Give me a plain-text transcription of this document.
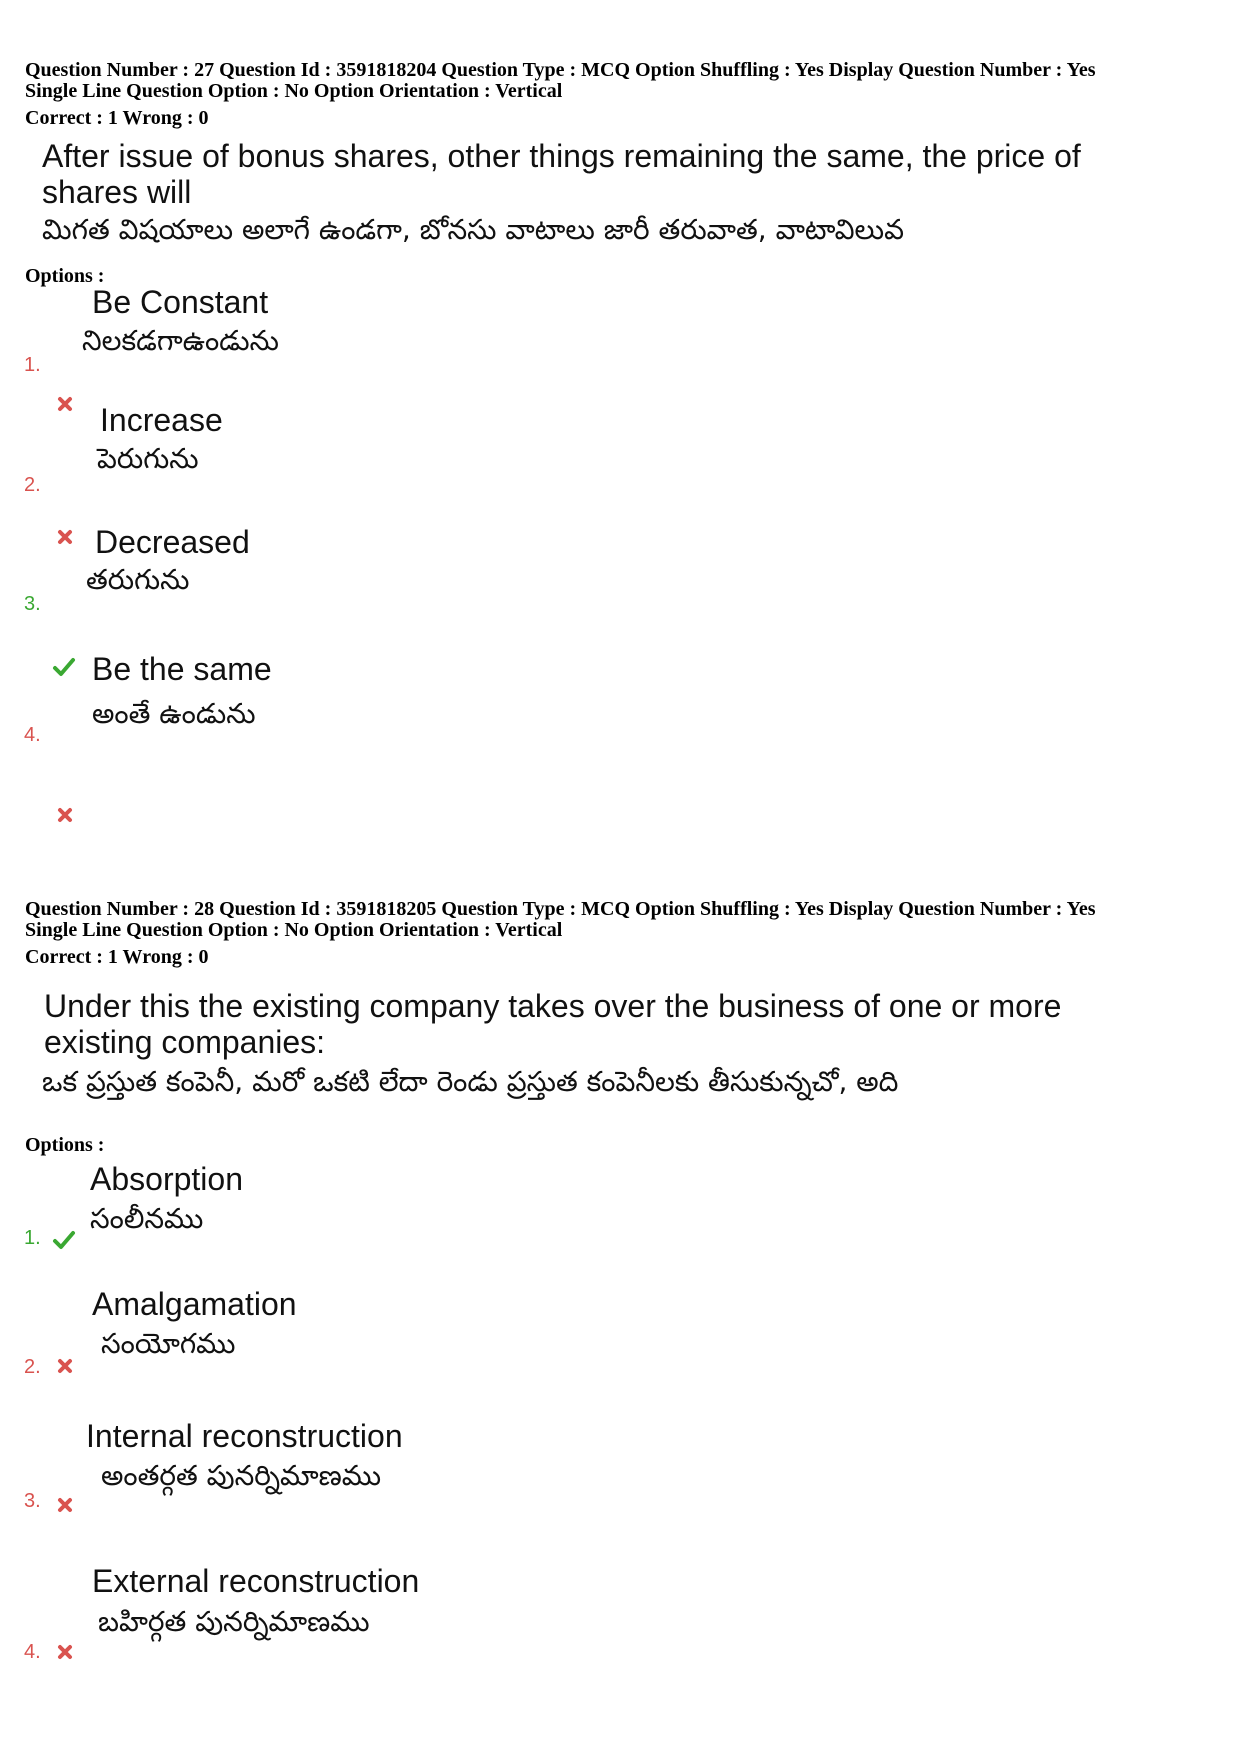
Question Number : 27 Question Id : 3591818204 Question Type : MCQ Option Shuffling : Yes Display Question Number : Yes
Single Line Question Option : No Option Orientation : Vertical
Correct : 1 Wrong : 0
After issue of bonus shares, other things remaining the same, the price of
shares will
మిగత విషయాలు అలాగే ఉండగా, బోనసు వాటాలు జారీ తరువాత, వాటావిలువ
Options :
Be Constant
నిలకడగాఉండును
1.
Increase
పెరుగును
2.
Decreased
తరుగును
3.
Be the same
అంతే ఉండును
4.
Question Number : 28 Question Id : 3591818205 Question Type : MCQ Option Shuffling : Yes Display Question Number : Yes
Single Line Question Option : No Option Orientation : Vertical
Correct : 1 Wrong : 0
Under this the existing company takes over the business of one or more
existing companies:
ఒక ప్రస్తుత కంపెనీ, మరో ఒకటి లేదా రెండు ప్రస్తుత కంపెనీలకు తీసుకున్నచో, అది
Options :
Absorption
సంలీనము
1.
Amalgamation
సంయోగము
2.
Internal reconstruction
అంతర్గత పునర్నిమాణము
3.
External reconstruction
బహిర్గత పునర్నిమాణము
4.
